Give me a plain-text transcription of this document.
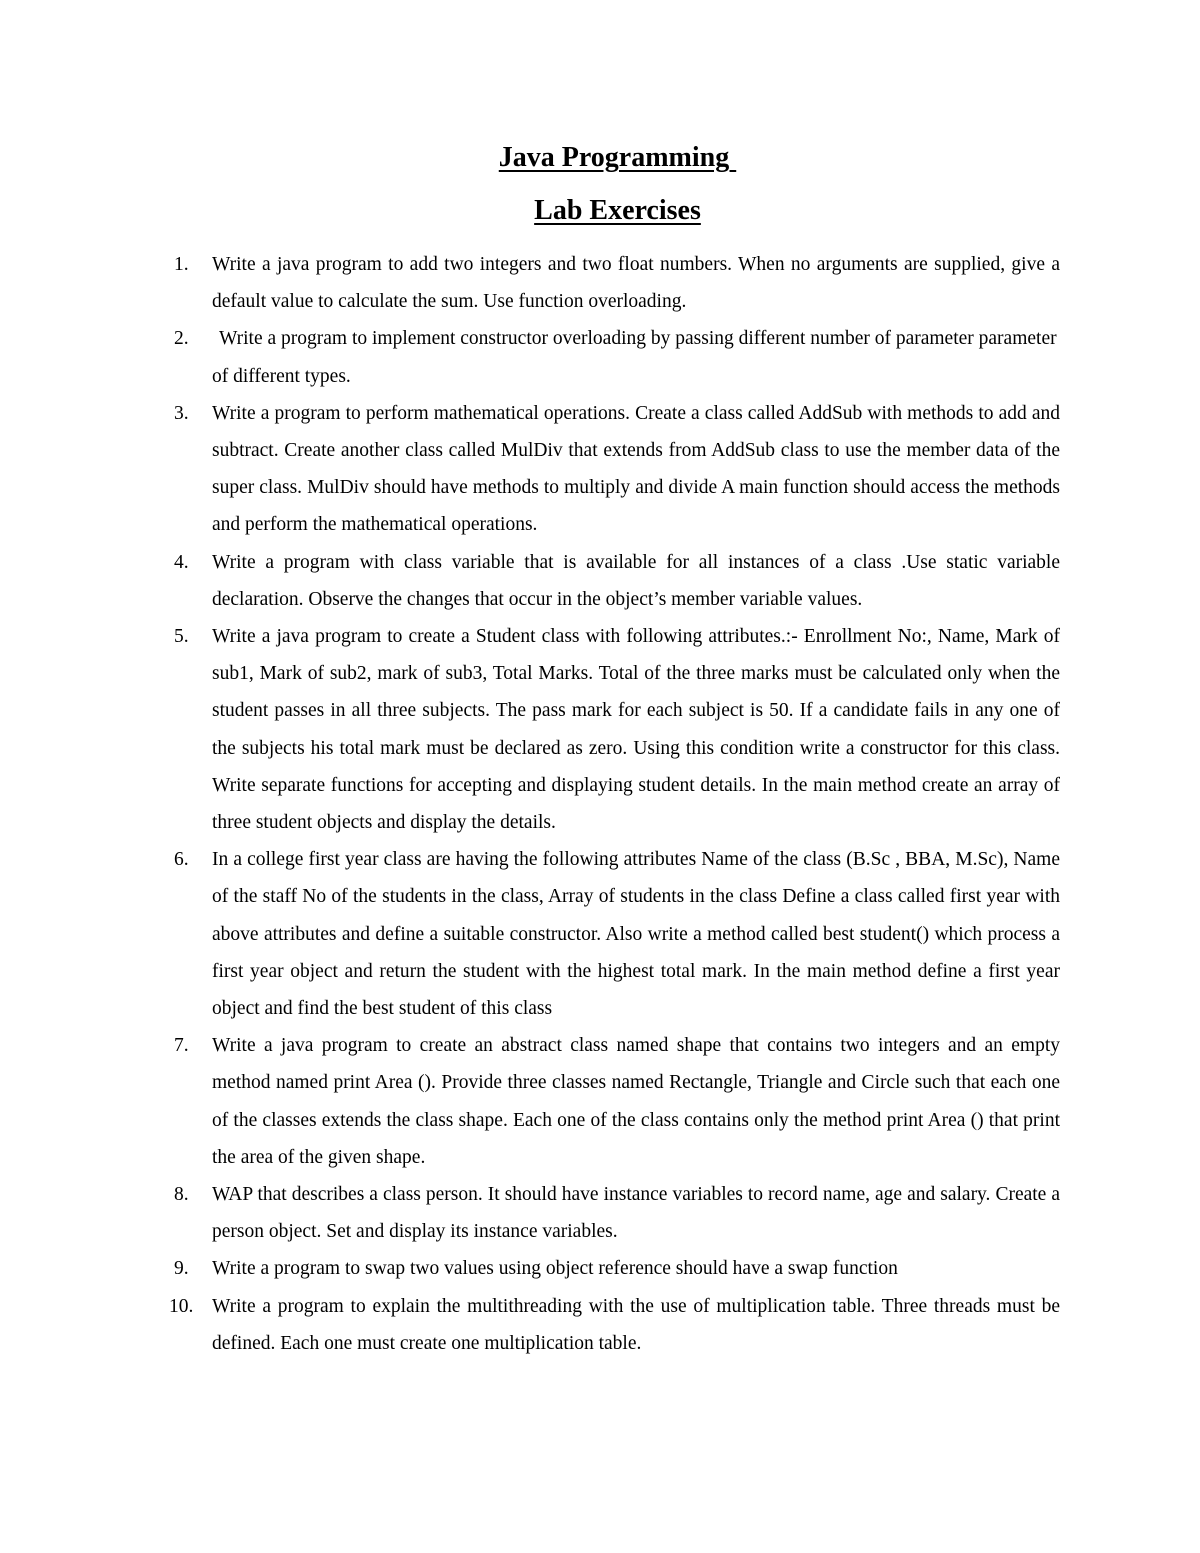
Java Programming
Lab Exercises
1. Write a java program to add two integers and two float numbers. When no arguments are supplied, give a default value to calculate the sum. Use function overloading.
2.	Write a program to implement constructor overloading by passing different number of parameter parameter of different types.
3. Write a program to perform mathematical operations. Create a class called AddSub with methods to add and subtract. Create another class called MulDiv that extends from AddSub class to use the member data of the super class. MulDiv should have methods to multiply and divide A main function should access the methods and perform the mathematical operations.
4. Write a program with class variable that is available for all instances of a class .Use static variable declaration. Observe the changes that occur in the object’s member variable values.
5. Write a java program to create a Student class with following attributes.:- Enrollment No:, Name, Mark of sub1, Mark of sub2, mark of sub3, Total Marks. Total of the three marks must be calculated only when the student passes in all three subjects. The pass mark for each subject is 50. If a candidate fails in any one of the subjects his total mark must be declared as zero. Using this condition write a constructor for this class. Write separate functions for accepting and displaying student details. In the main method create an array of three student objects and display the details.
6. In a college first year class are having the following attributes Name of the class (B.Sc , BBA, M.Sc), Name of the staff No of the students in the class, Array of students in the class Define a class called first year with above attributes and define a suitable constructor. Also write a method called best student() which process a first year object and return the student with the highest total mark. In the main method define a first year object and find the best student of this class
7. Write a java program to create an abstract class named shape that contains two integers and an empty method named print Area (). Provide three classes named Rectangle, Triangle and Circle such that each one of the classes extends the class shape. Each one of the class contains only the method print Area () that print the area of the given shape.
8. WAP that describes a class person. It should have instance variables to record name, age and salary. Create a person object. Set and display its instance variables.
9. Write a program to swap two values using object reference should have a swap function
10. Write a program to explain the multithreading with the use of multiplication table. Three threads must be defined. Each one must create one multiplication table.
